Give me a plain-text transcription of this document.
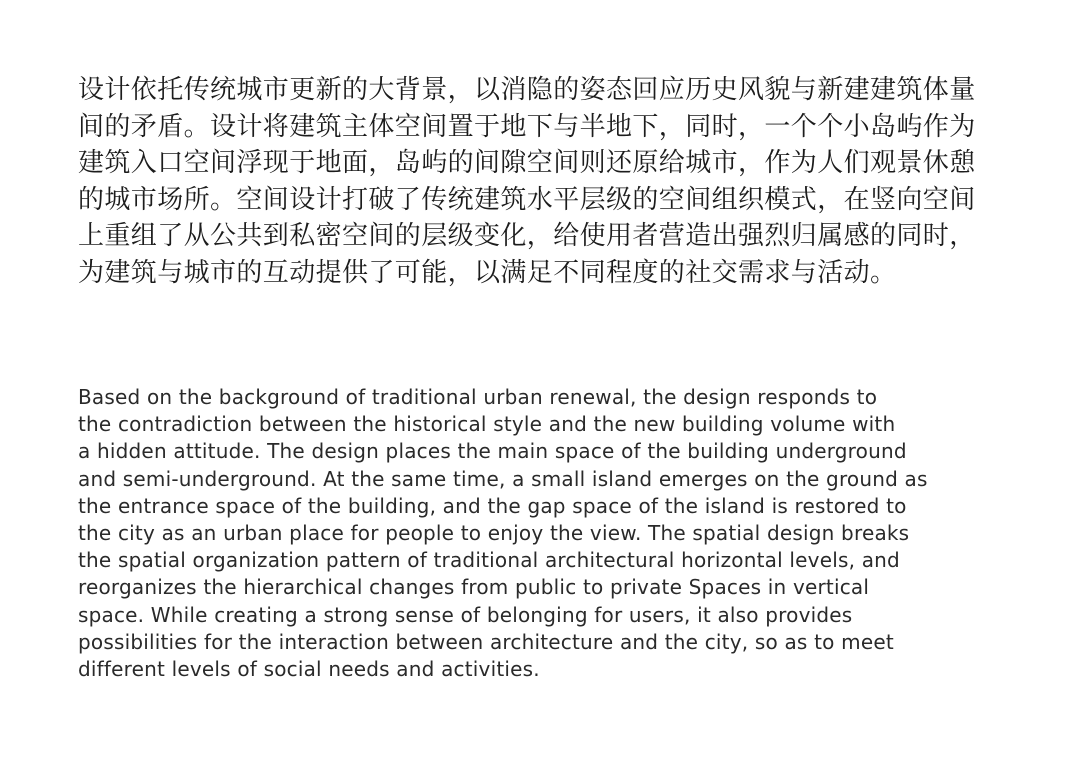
设计依托传统城市更新的大背景，以消隐的姿态回应历史风貌与新建建筑体量
间的矛盾。设计将建筑主体空间置于地下与半地下，同时，一个个小岛屿作为
建筑入口空间浮现于地面，岛屿的间隙空间则还原给城市，作为人们观景休憩
的城市场所。空间设计打破了传统建筑水平层级的空间组织模式，在竖向空间
上重组了从公共到私密空间的层级变化，给使用者营造出强烈归属感的同时，
为建筑与城市的互动提供了可能，以满足不同程度的社交需求与活动。
Based on the background of traditional urban renewal, the design responds to
the contradiction between the historical style and the new building volume with
a hidden attitude. The design places the main space of the building underground
and semi-underground. At the same time, a small island emerges on the ground as
the entrance space of the building, and the gap space of the island is restored to
the city as an urban place for people to enjoy the view. The spatial design breaks
the spatial organization pattern of traditional architectural horizontal levels, and
reorganizes the hierarchical changes from public to private Spaces in vertical
space. While creating a strong sense of belonging for users, it also provides
possibilities for the interaction between architecture and the city, so as to meet
different levels of social needs and activities.
